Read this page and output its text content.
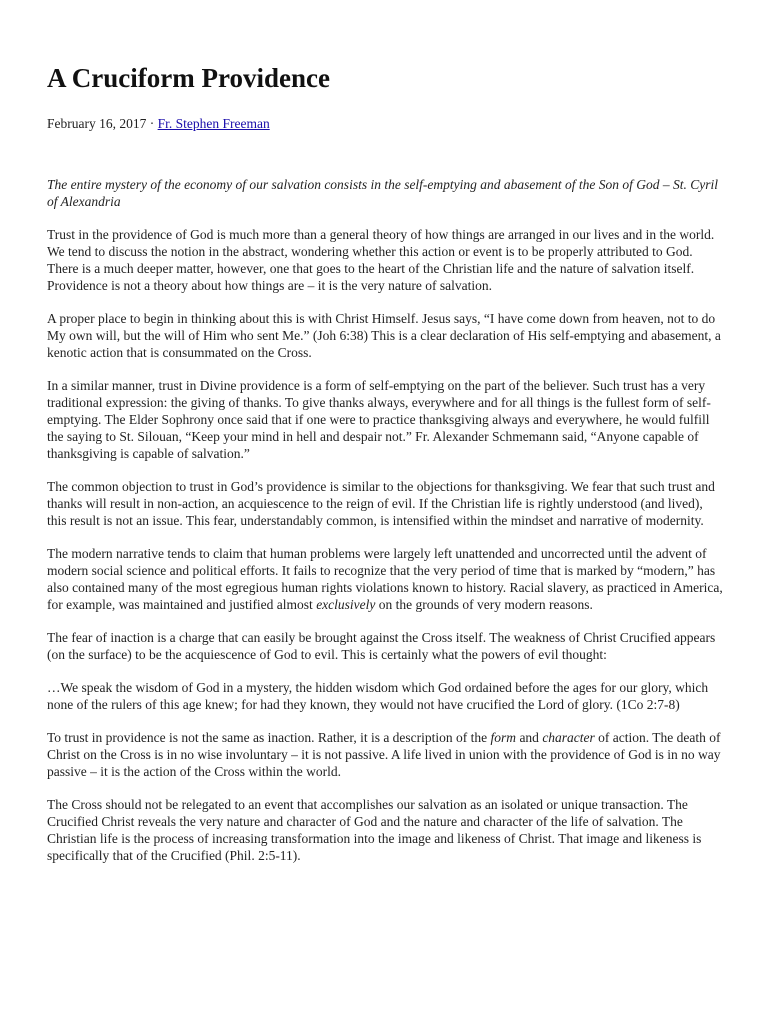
A Cruciform Providence
February 16, 2017 · Fr. Stephen Freeman

The entire mystery of the economy of our salvation consists in the self-emptying and abasement of the Son of God – St. Cyril of Alexandria

Trust in the providence of God is much more than a general theory of how things are arranged in our lives and in the world. We tend to discuss the notion in the abstract, wondering whether this action or event is to be properly attributed to God. There is a much deeper matter, however, one that goes to the heart of the Christian life and the nature of salvation itself. Providence is not a theory about how things are – it is the very nature of salvation.

A proper place to begin in thinking about this is with Christ Himself. Jesus says, “I have come down from heaven, not to do My own will, but the will of Him who sent Me.” (Joh 6:38) This is a clear declaration of His self-emptying and abasement, a kenotic action that is consummated on the Cross.

In a similar manner, trust in Divine providence is a form of self-emptying on the part of the believer. Such trust has a very traditional expression: the giving of thanks. To give thanks always, everywhere and for all things is the fullest form of self-emptying. The Elder Sophrony once said that if one were to practice thanksgiving always and everywhere, he would fulfill the saying to St. Silouan, “Keep your mind in hell and despair not.” Fr. Alexander Schmemann said, “Anyone capable of thanksgiving is capable of salvation.”

The common objection to trust in God’s providence is similar to the objections for thanksgiving. We fear that such trust and thanks will result in non-action, an acquiescence to the reign of evil. If the Christian life is rightly understood (and lived), this result is not an issue. This fear, understandably common, is intensified within the mindset and narrative of modernity.

The modern narrative tends to claim that human problems were largely left unattended and uncorrected until the advent of modern social science and political efforts. It fails to recognize that the very period of time that is marked by “modern,” has also contained many of the most egregious human rights violations known to history. Racial slavery, as practiced in America, for example, was maintained and justified almost exclusively on the grounds of very modern reasons.

The fear of inaction is a charge that can easily be brought against the Cross itself. The weakness of Christ Crucified appears (on the surface) to be the acquiescence of God to evil. This is certainly what the powers of evil thought:

…We speak the wisdom of God in a mystery, the hidden wisdom which God ordained before the ages for our glory, which none of the rulers of this age knew; for had they known, they would not have crucified the Lord of glory. (1Co 2:7-8)

To trust in providence is not the same as inaction. Rather, it is a description of the form and character of action. The death of Christ on the Cross is in no wise involuntary – it is not passive. A life lived in union with the providence of God is in no way passive – it is the action of the Cross within the world.

The Cross should not be relegated to an event that accomplishes our salvation as an isolated or unique transaction. The Crucified Christ reveals the very nature and character of God and the nature and character of the life of salvation. The Christian life is the process of increasing transformation into the image and likeness of Christ. That image and likeness is specifically that of the Crucified (Phil. 2:5-11).
